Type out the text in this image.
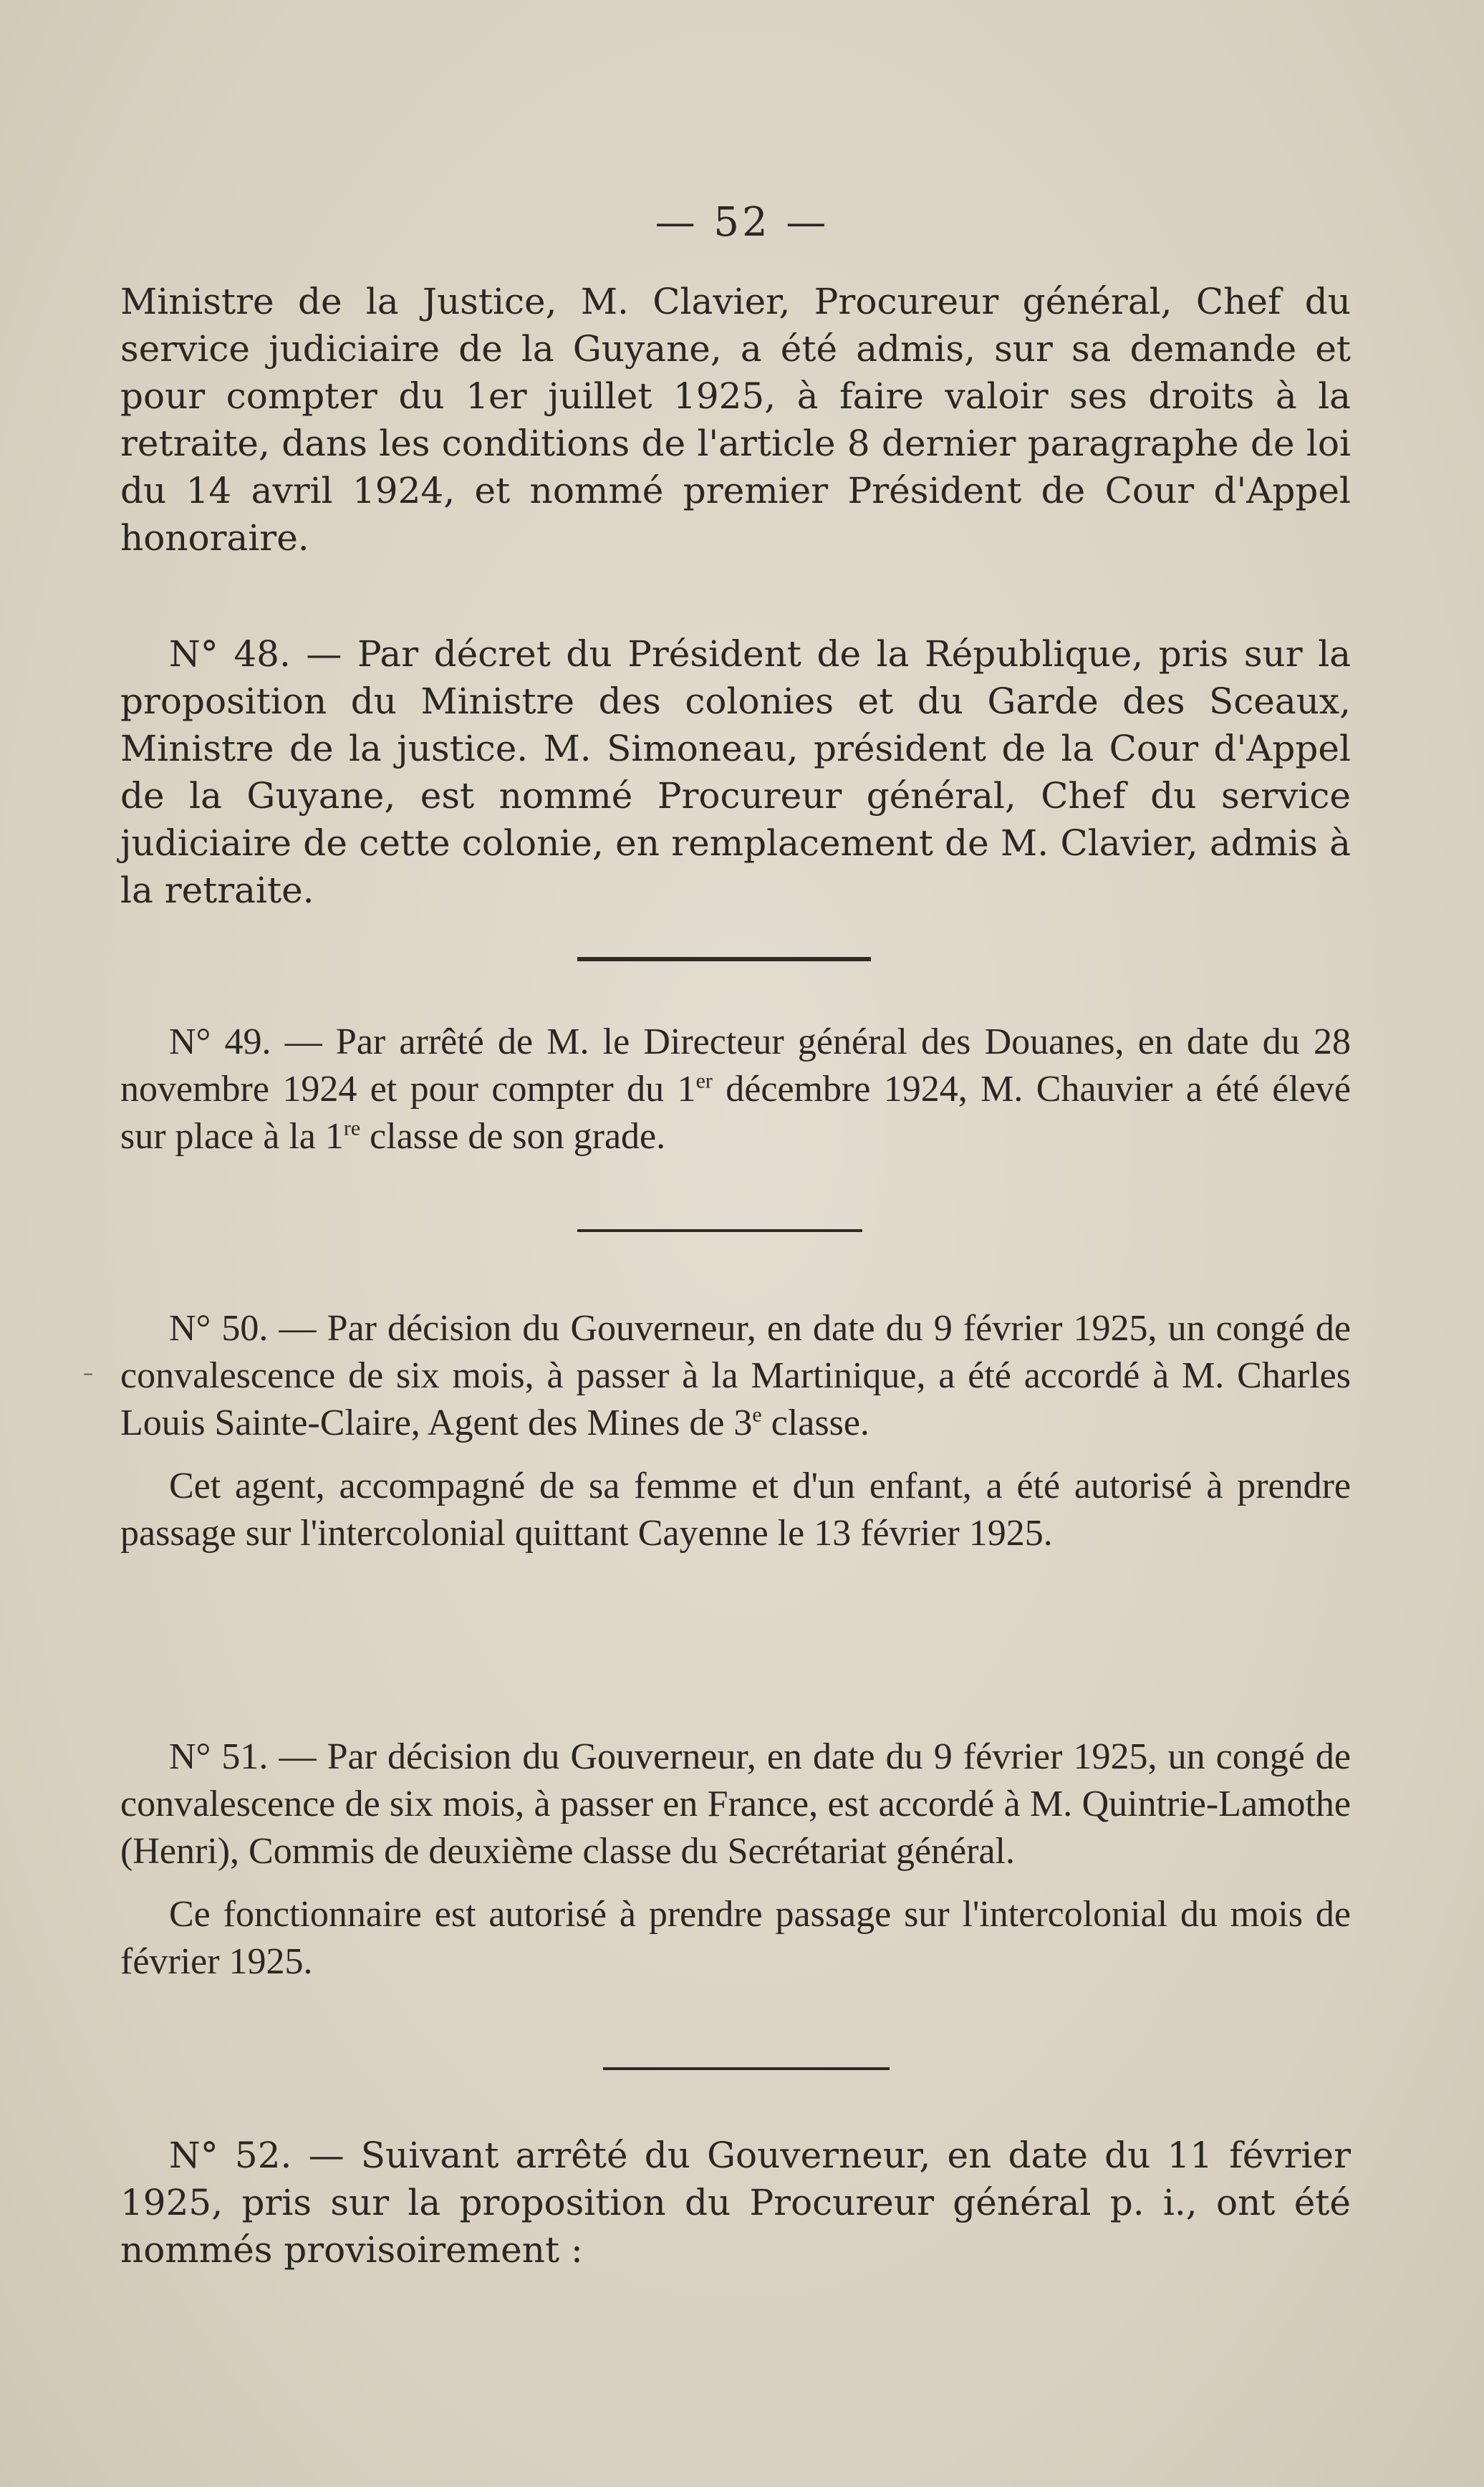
— 52 —

Ministre de la Justice, M. Clavier, Procureur général, Chef du service judiciaire de la Guyane, a été admis, sur sa demande et pour compter du 1er juillet 1925, à faire valoir ses droits à la retraite, dans les conditions de l'article 8 dernier paragraphe de loi du 14 avril 1924, et nommé premier Président de Cour d'Appel honoraire.

N° 48. — Par décret du Président de la République, pris sur la proposition du Ministre des colonies et du Garde des Sceaux, Ministre de la justice. M. Simoneau, président de la Cour d'Appel de la Guyane, est nommé Procureur général, Chef du service judiciaire de cette colonie, en remplacement de M. Clavier, admis à la retraite.

N° 49. — Par arrêté de M. le Directeur général des Douanes, en date du 28 novembre 1924 et pour compter du 1er décembre 1924, M. Chauvier a été élevé sur place à la 1re classe de son grade.

N° 50. — Par décision du Gouverneur, en date du 9 février 1925, un congé de convalescence de six mois, à passer à la Martinique, a été accordé à M. Charles Louis Sainte-Claire, Agent des Mines de 3e classe.

Cet agent, accompagné de sa femme et d'un enfant, a été autorisé à prendre passage sur l'intercolonial quittant Cayenne le 13 février 1925.

–

N° 51. — Par décision du Gouverneur, en date du 9 février 1925, un congé de convalescence de six mois, à passer en France, est accordé à M. Quintrie-Lamothe (Henri), Commis de deuxième classe du Secrétariat général.

Ce fonctionnaire est autorisé à prendre passage sur l'intercolonial du mois de février 1925.

N° 52. — Suivant arrêté du Gouverneur, en date du 11 février 1925, pris sur la proposition du Procureur général p. i., ont été nommés provisoirement :
